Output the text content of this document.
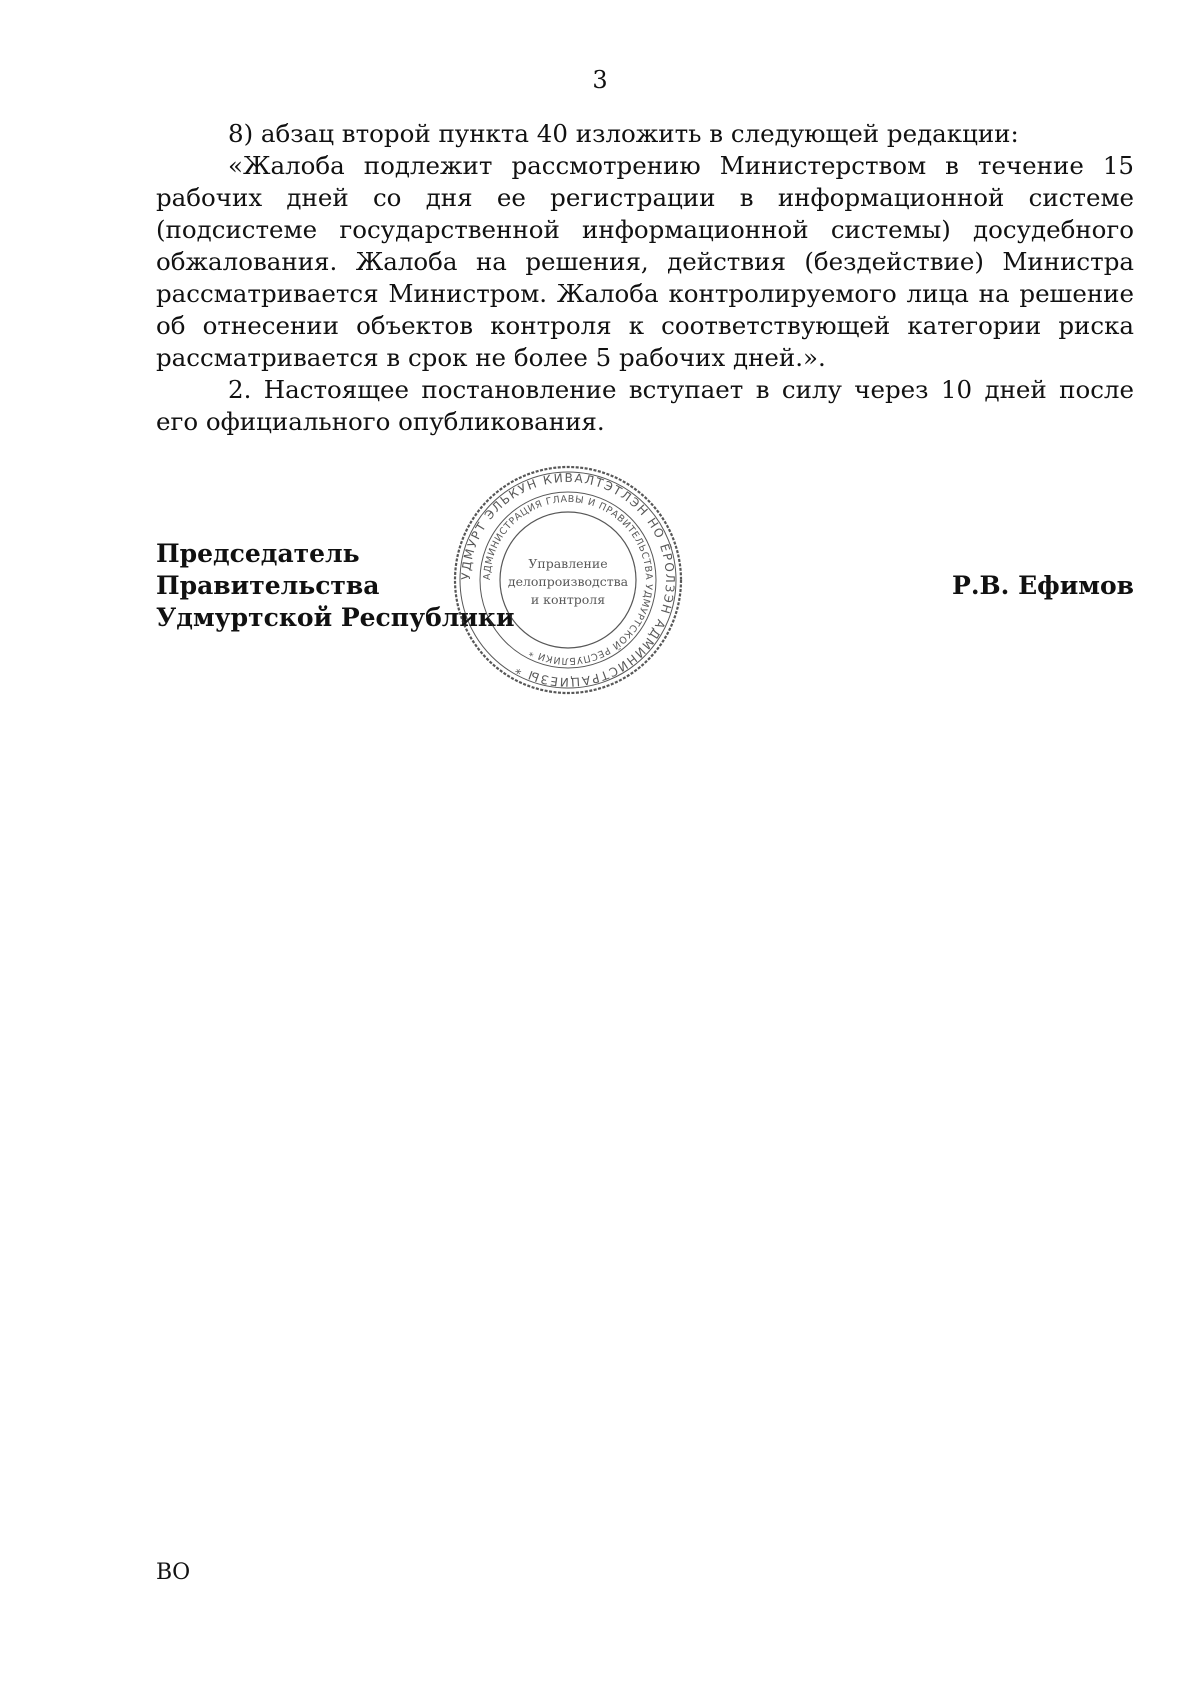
3

8) абзац второй пункта 40 изложить в следующей редакции:

«Жалоба подлежит рассмотрению Министерством в течение 15 рабочих дней со дня ее регистрации в информационной системе (подсистеме государственной информационной системы) досудебного обжалования. Жалоба на решения, действия (бездействие) Министра рассматривается Министром. Жалоба контролируемого лица на решение об отнесении объектов контроля к соответствующей категории риска рассматривается в срок не более 5 рабочих дней.».

2. Настоящее постановление вступает в силу через 10 дней после его официального опубликования.

Председатель Правительства
Удмуртской Республики
Р.В. Ефимов
УДМУРТ ЭЛЬКУН КИВАЛТЭТЛЭН НО ЁРОЛЗЭН АДМИНИСТРАЦИЕЗЫ *
АДМИНИСТРАЦИЯ ГЛАВЫ И ПРАВИТЕЛЬСТВА УДМУРТСКОЙ РЕСПУБЛИКИ *
Управление
делопроизводства
и контроля
ВО
